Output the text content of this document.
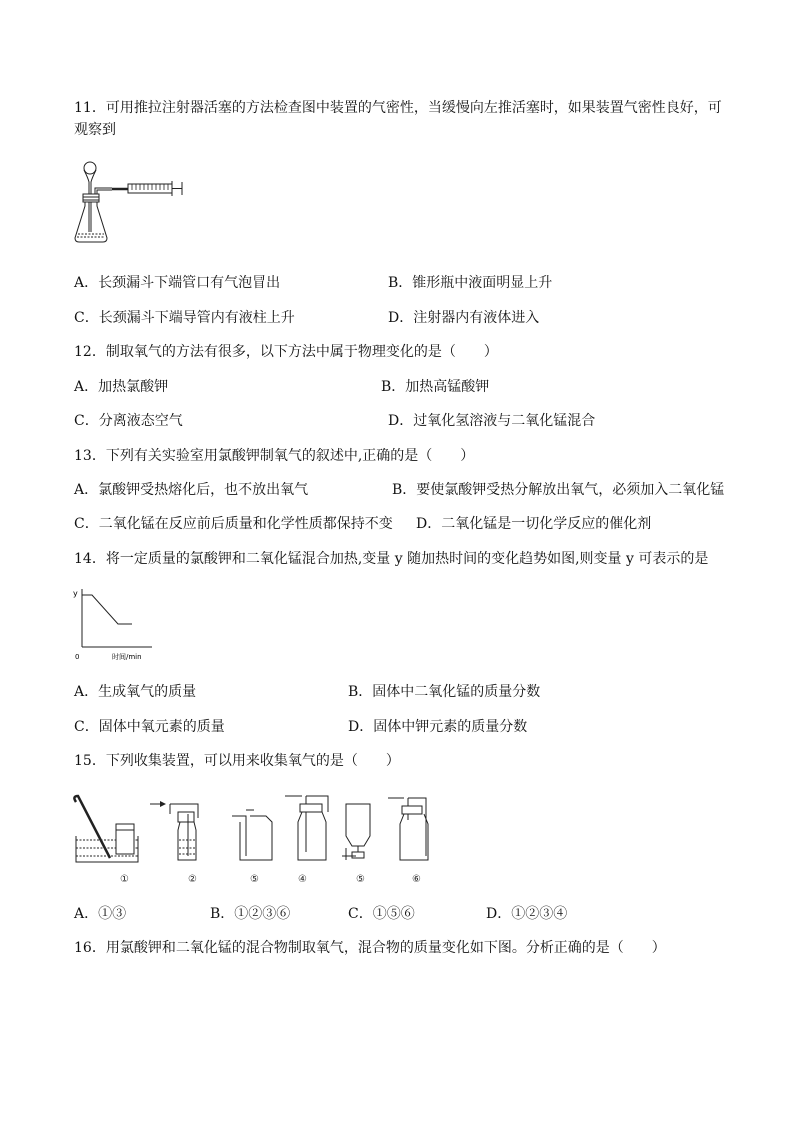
11．可用推拉注射器活塞的方法检查图中装置的气密性，当缓慢向左推活塞时，如果装置气密性良好，可
观察到
A．长颈漏斗下端管口有气泡冒出	B．锥形瓶中液面明显上升
C．长颈漏斗下端导管内有液柱上升	D．注射器内有液体进入
12．制取氧气的方法有很多，以下方法中属于物理变化的是（　　）
A．加热氯酸钾	B．加热高锰酸钾
C．分离液态空气	D．过氧化氢溶液与二氧化锰混合
13．下列有关实验室用氯酸钾制氧气的叙述中,正确的是（　　）
A．氯酸钾受热熔化后，也不放出氧气	B．要使氯酸钾受热分解放出氧气，必须加入二氧化锰
C．二氧化锰在反应前后质量和化学性质都保持不变 D．二氧化锰是一切化学反应的催化剂
14．将一定质量的氯酸钾和二氧化锰混合加热,变量 y 随加热时间的变化趋势如图,则变量 y 可表示的是
y
0	时间/min
A．生成氧气的质量	B．固体中二氧化锰的质量分数
C．固体中氧元素的质量	D．固体中钾元素的质量分数
15．下列收集装置，可以用来收集氧气的是（　　）
①	②	⑤	④	⑤	⑥
A．①③	B．①②③⑥	C．①⑤⑥	D．①②③④
16．用氯酸钾和二氧化锰的混合物制取氧气，混合物的质量变化如下图。分析正确的是（　　）
